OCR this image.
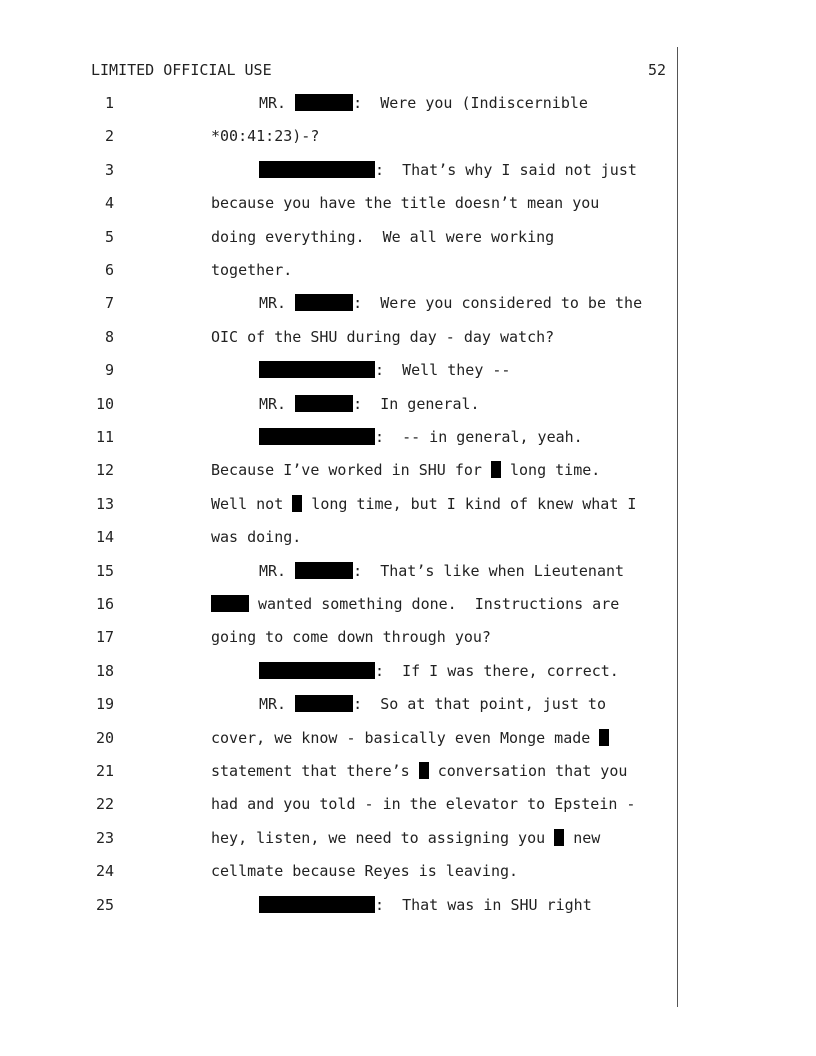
LIMITED OFFICIAL USE	52
1	MR.	:  Were you (Indiscernible
2	*00:41:23)-?
3	:  That’s why I said not just
4	because you have the title doesn’t mean you
5	doing everything.  We all were working
6	together.
7	MR.	:  Were you considered to be the
8	OIC of the SHU during day - day watch?
9	:  Well they --
10	MR.	:  In general.
11	:  -- in general, yeah.
12	Because I’ve worked in SHU for  long time.
13	Well not  long time, but I kind of knew what I
14	was doing.
15	MR.	:  That’s like when Lieutenant
16	wanted something done.  Instructions are
17	going to come down through you?
18	:  If I was there, correct.
19	MR.	:  So at that point, just to
20	cover, we know - basically even Monge made
21	statement that there’s  conversation that you
22	had and you told - in the elevator to Epstein -
23	hey, listen, we need to assigning you  new
24	cellmate because Reyes is leaving.
25	:  That was in SHU right
